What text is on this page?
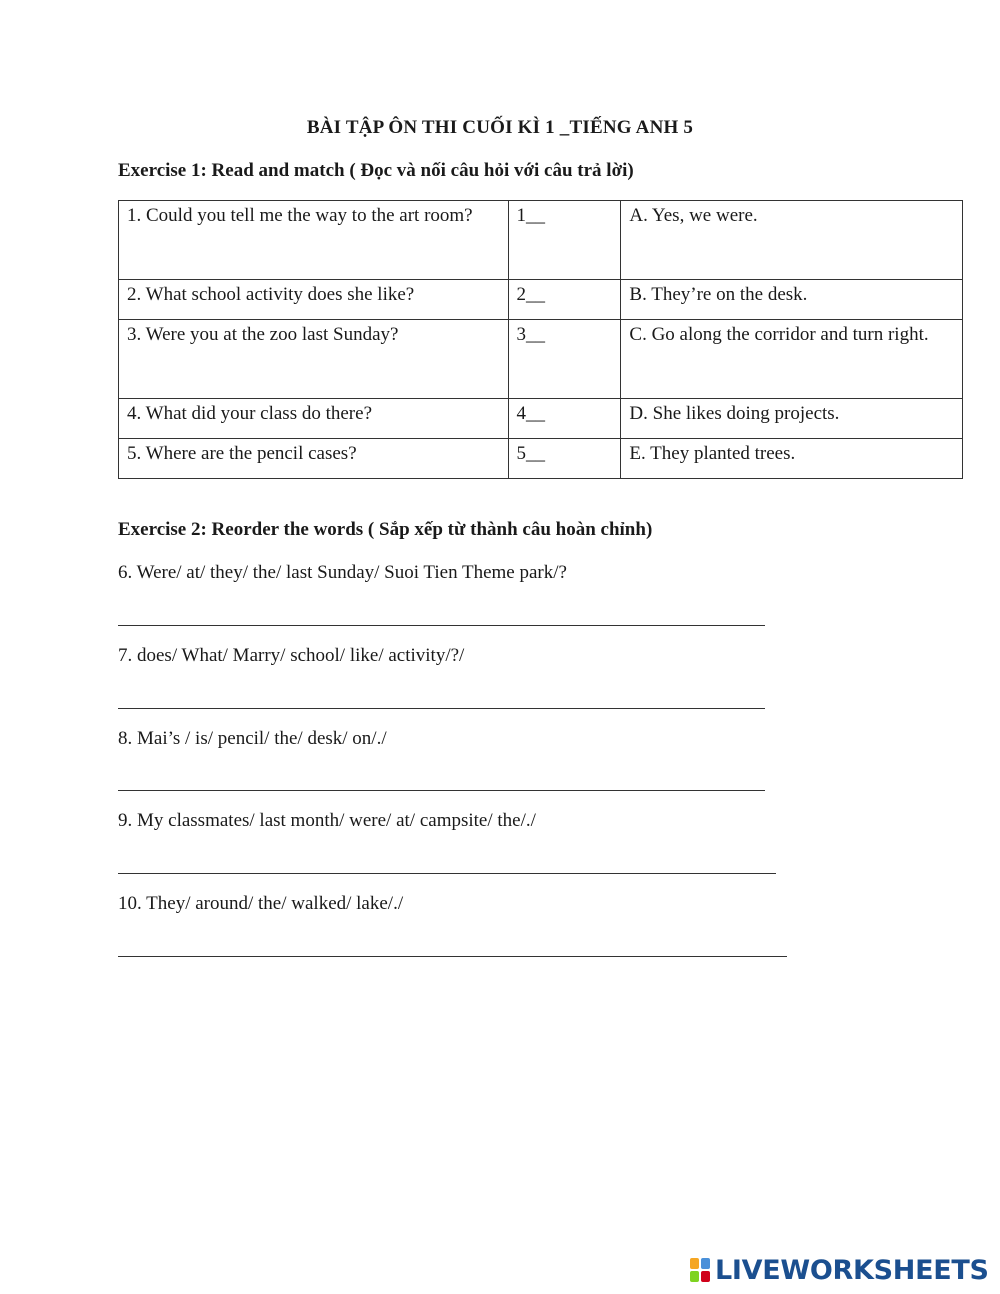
BÀI TẬP ÔN THI CUỐI KÌ 1 _TIẾNG ANH 5
Exercise 1: Read and match ( Đọc và nối câu hỏi với câu trả lời)
1. Could you tell me the way to the art room?	1__	A. Yes, we were.
2. What school activity does she like?	2__	B. They’re on the desk.
3. Were you at the zoo last Sunday?	3__	C. Go along the corridor and turn right.
4. What did your class do there?	4__	D. She likes doing projects.
5. Where are the pencil cases?	5__	E. They planted trees.
Exercise 2: Reorder the words ( Sắp xếp từ thành câu hoàn chỉnh)
6. Were/ at/ they/ the/ last Sunday/ Suoi Tien Theme park/?
7. does/ What/ Marry/ school/ like/ activity/?/
8. Mai’s / is/ pencil/ the/ desk/ on/./
9. My classmates/ last month/ were/ at/ campsite/ the/./
10. They/ around/ the/ walked/ lake/./
LIVEWORKSHEETS
